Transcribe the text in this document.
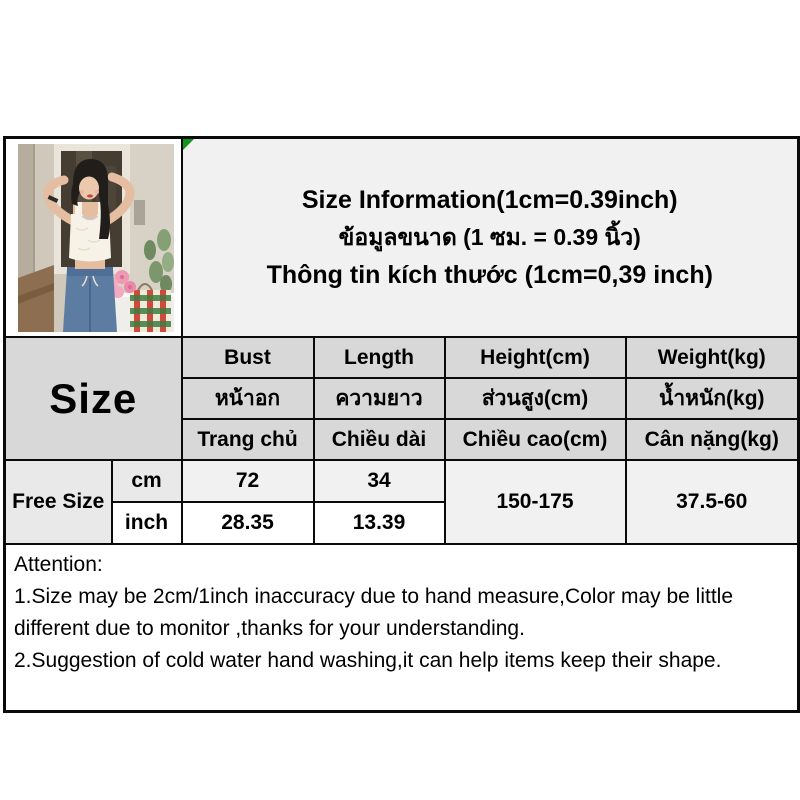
Size Information(1cm=0.39inch)
ข้อมูลขนาด (1 ซม. = 0.39 นิ้ว)
Thông tin kích thước (1cm=0,39 inch)			

Size		Bust	Length	Height(cm)	Weight(kg)
		หน้าอก	ความยาว	ส่วนสูง(cm)	น้ำหนัก(kg)
		Trang chủ	Chiều dài	Chiều cao(cm)	Cân nặng(kg)
Free Size	cm	72	34	150-175	37.5-60
	inch	28.35	13.39		

Attention:
1.Size may be 2cm/1inch inaccuracy due to hand measure,Color may be little different due to monitor ,thanks for your understanding.
2.Suggestion of cold water hand washing,it can help items keep their shape.					
